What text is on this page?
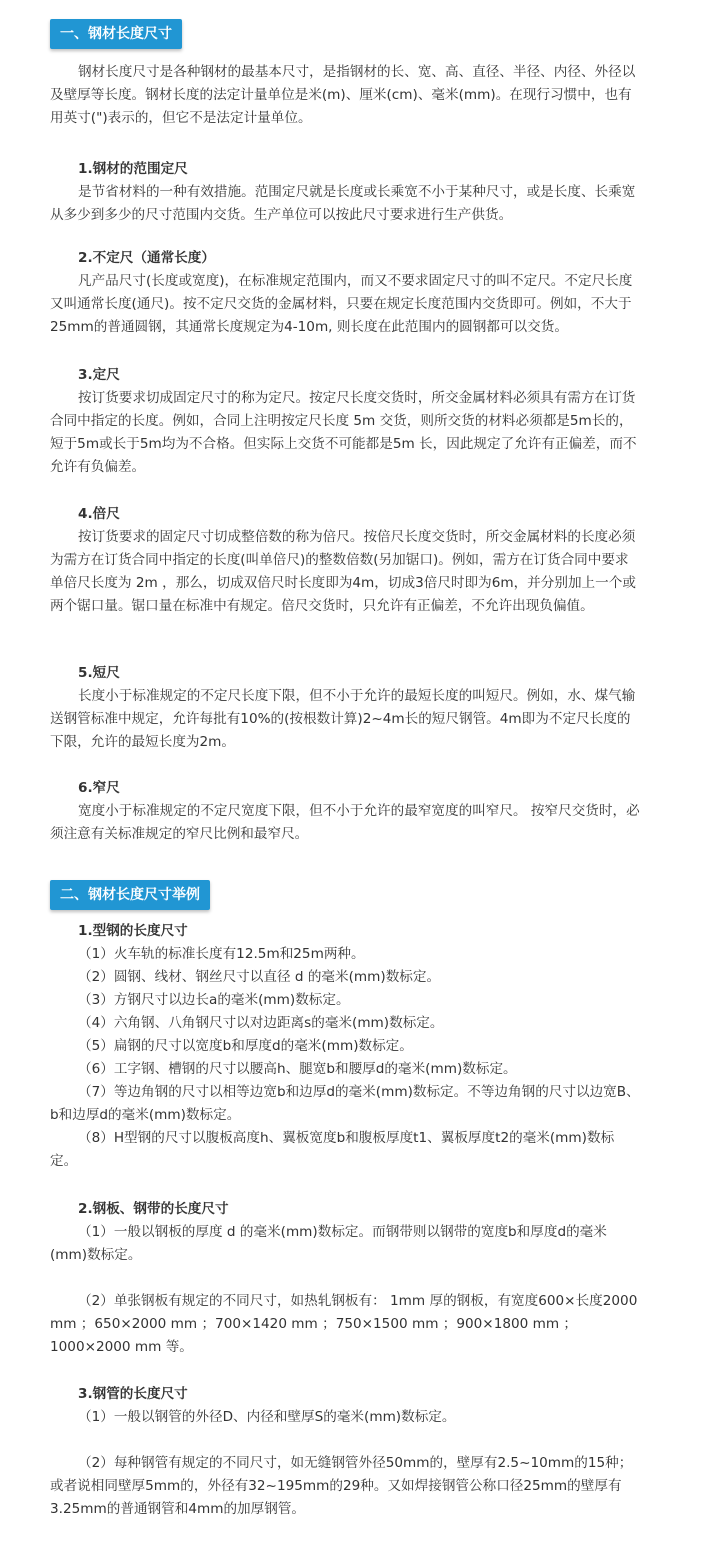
一、钢材长度尺寸

钢材长度尺寸是各种钢材的最基本尺寸，是指钢材的长、宽、高、直径、半径、内径、外径以及壁厚等长度。钢材长度的法定计量单位是米(m)、厘米(cm)、毫米(mm)。在现行习惯中，也有用英寸(")表示的，但它不是法定计量单位。

1.钢材的范围定尺

是节省材料的一种有效措施。范围定尺就是长度或长乘宽不小于某种尺寸，或是长度、长乘宽从多少到多少的尺寸范围内交货。生产单位可以按此尺寸要求进行生产供货。

2.不定尺（通常长度）

凡产品尺寸(长度或宽度)，在标准规定范围内，而又不要求固定尺寸的叫不定尺。不定尺长度又叫通常长度(通尺)。按不定尺交货的金属材料，只要在规定长度范围内交货即可。例如，不大于25mm的普通圆钢，其通常长度规定为4-10m, 则长度在此范围内的圆钢都可以交货。

3.定尺

按订货要求切成固定尺寸的称为定尺。按定尺长度交货时，所交金属材料必须具有需方在订货合同中指定的长度。例如，合同上注明按定尺长度 5m 交货，则所交货的材料必须都是5m长的，短于5m或长于5m均为不合格。但实际上交货不可能都是5m 长，因此规定了允许有正偏差，而不允许有负偏差。

4.倍尺

按订货要求的固定尺寸切成整倍数的称为倍尺。按倍尺长度交货时，所交金属材料的长度必须为需方在订货合同中指定的长度(叫单倍尺)的整数倍数(另加锯口)。例如，需方在订货合同中要求单倍尺长度为 2m ，那么，切成双倍尺时长度即为4m，切成3倍尺时即为6m，并分别加上一个或两个锯口量。锯口量在标准中有规定。倍尺交货时，只允许有正偏差，不允许出现负偏值。

5.短尺

长度小于标准规定的不定尺长度下限，但不小于允许的最短长度的叫短尺。例如，水、煤气输送钢管标准中规定，允许每批有10%的(按根数计算)2~4m长的短尺钢管。4m即为不定尺长度的下限，允许的最短长度为2m。

6.窄尺

宽度小于标准规定的不定尺宽度下限，但不小于允许的最窄宽度的叫窄尺。 按窄尺交货时，必须注意有关标准规定的窄尺比例和最窄尺。

二、钢材长度尺寸举例

1.型钢的长度尺寸

（1）火车轨的标准长度有12.5m和25m两种。

（2）圆钢、线材、钢丝尺寸以直径 d 的毫米(mm)数标定。

（3）方钢尺寸以边长a的毫米(mm)数标定。

（4）六角钢、八角钢尺寸以对边距离s的毫米(mm)数标定。

（5）扁钢的尺寸以宽度b和厚度d的毫米(mm)数标定。

（6）工字钢、槽钢的尺寸以腰高h、腿宽b和腰厚d的毫米(mm)数标定。

（7）等边角钢的尺寸以相等边宽b和边厚d的毫米(mm)数标定。不等边角钢的尺寸以边宽B、b和边厚d的毫米(mm)数标定。

（8）H型钢的尺寸以腹板高度h、翼板宽度b和腹板厚度t1、翼板厚度t2的毫米(mm)数标定。

2.钢板、钢带的长度尺寸

（1）一般以钢板的厚度 d 的毫米(mm)数标定。而钢带则以钢带的宽度b和厚度d的毫米(mm)数标定。

（2）单张钢板有规定的不同尺寸，如热轧钢板有： 1mm 厚的钢板，有宽度600×长度2000 mm ；650×2000 mm ；700×1420 mm ；750×1500 mm ；900×1800 mm ；1000×2000 mm 等。

3.钢管的长度尺寸

（1）一般以钢管的外径D、内径和壁厚S的毫米(mm)数标定。

（2）每种钢管有规定的不同尺寸，如无缝钢管外径50mm的，壁厚有2.5~10mm的15种；或者说相同壁厚5mm的，外径有32~195mm的29种。又如焊接钢管公称口径25mm的壁厚有3.25mm的普通钢管和4mm的加厚钢管。
